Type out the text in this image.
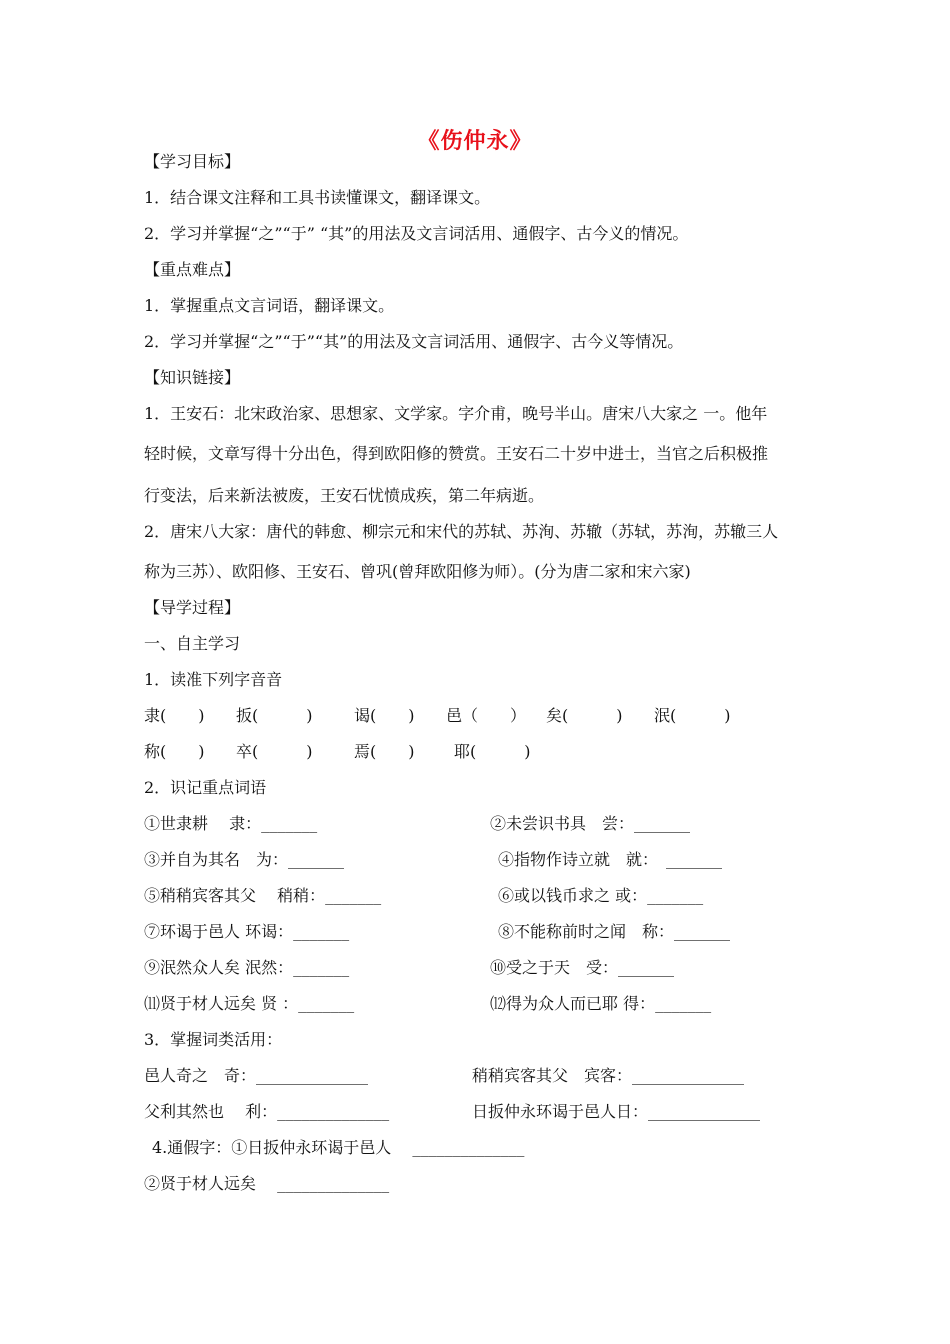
《伤仲永》
【学习目标】
1．结合课文注释和工具书读懂课文，翻译课文。
2．学习并掌握“之”“于” “其”的用法及文言词活用、通假字、古今义的情况。
【重点难点】
1．掌握重点文言词语，翻译课文。
2．学习并掌握“之”“于”“其”的用法及文言词活用、通假字、古今义等情况。
【知识链接】
1．王安石：北宋政治家、思想家、文学家。字介甫，晚号半山。唐宋八大家之 一。他年
轻时候，文章写得十分出色，得到欧阳修的赞赏。王安石二十岁中进士，当官之后积极推
行变法，后来新法被废，王安石忧愤成疾，第二年病逝。
2．唐宋八大家：唐代的韩愈、柳宗元和宋代的苏轼、苏洵、苏辙（苏轼，苏洵，苏辙三人
称为三苏）、欧阳修、王安石、曾巩(曾拜欧阳修为师）。(分为唐二家和宋六家)
【导学过程】
一、自主学习
1．读准下列字音音
隶(　　) 扳(　　　)	谒(　　) 邑（　　） 矣(　　　) 泯(　　　)
称(　　) 卒(　　　)	焉(　　) 耶(　　　)
2．识记重点词语
①世隶耕　 隶：_______	②未尝识书具　尝：_______
③并自为其名　为：_______	④指物作诗立就　就：　_______
⑤稍稍宾客其父　 稍稍：_______	⑥或以钱币求之 或：_______
⑦环谒于邑人 环谒：_______	⑧不能称前时之闻　称：_______
⑨泯然众人矣 泯然：_______	⑩受之于天　受：_______
⑾贤于材人远矣 贤 ：_______	⑿得为众人而已耶 得：_______
3．掌握词类活用：
邑人奇之　奇：______________	稍稍宾客其父　宾客：______________
父利其然也　 利：______________	日扳仲永环谒于邑人日：______________
4.通假字：①日扳仲永环谒于邑人　 ______________
②贤于材人远矣　 ______________
